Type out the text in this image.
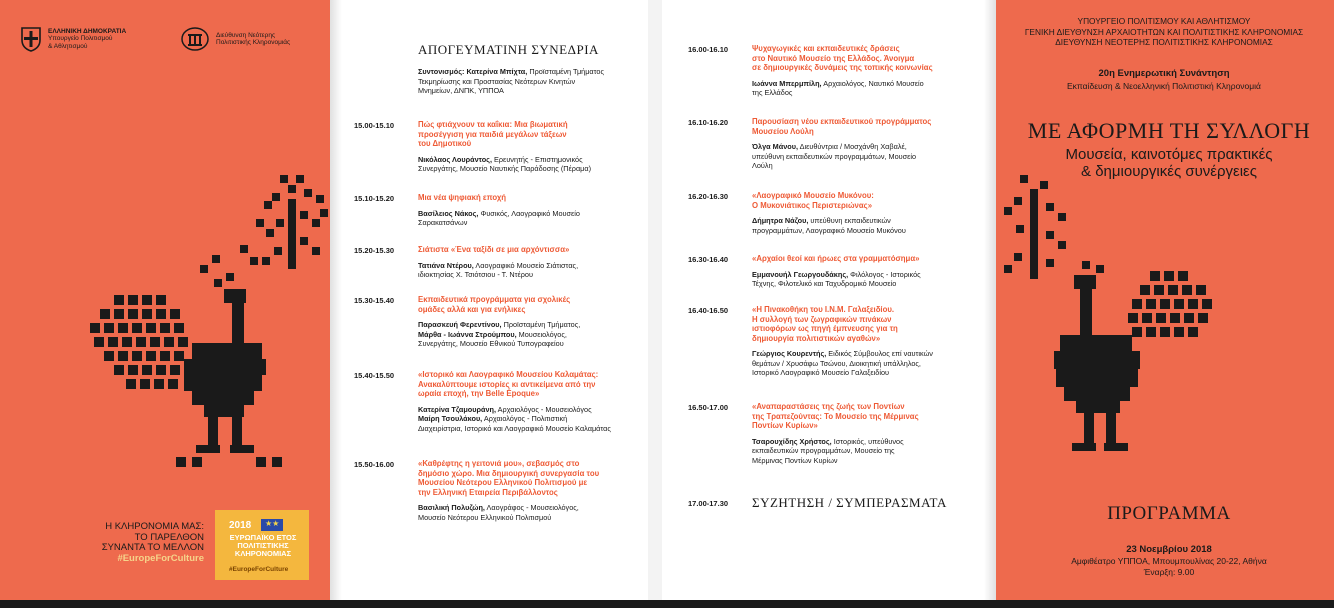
ΕΛΛΗΝΙΚΗ ΔΗΜΟΚΡΑΤΙΑ
Υπουργείο Πολιτισμού
& Αθλητισμού
Διεύθυνση Νεότερης
Πολιτιστικής Κληρονομιάς
Η ΚΛΗΡΟΝΟΜΙΑ ΜΑΣ:
ΤΟ ΠΑΡΕΛΘΟΝ
ΣΥΝΑΝΤΑ ΤΟ ΜΕΛΛΟΝ
#EuropeForCulture
2018 ★★
ΕΥΡΩΠΑΪΚΟ ΕΤΟΣ ΠΟΛΙΤΙΣΤΙΚΗΣ ΚΛΗΡΟΝΟΜΙΑΣ
#EuropeForCulture
ΑΠΟΓΕΥΜΑΤΙΝΗ ΣΥΝΕΔΡΙΑ
Συντονισμός: Κατερίνα Μπίχτα, Προϊσταμένη Τμήματος
Τεκμηρίωσης και Προστασίας Νεότερων Κινητών
Μνημείων, ΔΝΠΚ, ΥΠΠΟΑ
15.00-15.10	Πώς φτιάχνουν τα καΐκια: Μια βιωματική
προσέγγιση για παιδιά μεγάλων τάξεων
του Δημοτικού
Νικόλαος Λουράντος, Ερευνητής - Επιστημονικός
Συνεργάτης, Μουσείο Ναυτικής Παράδοσης (Πέραμα)
15.10-15.20	Μια νέα ψηφιακή εποχή
Βασίλειος Νάκος, Φυσικός, Λαογραφικό Μουσείο
Σαρακατσάνων
15.20-15.30	Σιάτιστα «Ένα ταξίδι σε μια αρχόντισσα»
Τατιάνα Ντέρου, Λαογραφικό Μουσείο Σιάτιστας,
ιδιοκτησίας Χ. Τσιότσιου - Τ. Ντέρου
15.30-15.40	Εκπαιδευτικά προγράμματα για σχολικές
ομάδες αλλά και για ενήλικες
Παρασκευή Φερεντίνου, Προϊσταμένη Τμήματος,
Μάρθα - Ιωάννα Στρούμπου, Μουσειολόγος,
Συνεργάτης, Μουσείο Εθνικού Τυπογραφείου
15.40-15.50	«Ιστορικό και Λαογραφικό Μουσείου Καλαμάτας:
Ανακαλύπτουμε ιστορίες κι αντικείμενα από την
ωραία εποχή, την Belle Époque»
Κατερίνα Τζαμουράνη, Αρχαιολόγος - Μουσειολόγος
Μαίρη Τσουλάκου, Αρχαιολόγος - Πολιτιστική
Διαχειρίστρια, Ιστορικό και Λαογραφικό Μουσείο Καλαμάτας
15.50-16.00	«Καθρέφτης η γειτονιά μου», σεβασμός στο
δημόσιο χώρο. Μια δημιουργική συνεργασία του
Μουσείου Νεότερου Ελληνικού Πολιτισμού με
την Ελληνική Εταιρεία Περιβάλλοντος
Βασιλική Πολυζώη, Λαογράφος - Μουσειολόγος,
Μουσείο Νεότερου Ελληνικού Πολιτισμού
16.00-16.10	Ψυχαγωγικές και εκπαιδευτικές δράσεις
στο Ναυτικό Μουσείο της Ελλάδος. Άνοιγμα
σε δημιουργικές δυνάμεις της τοπικής κοινωνίας
Ιωάννα Μπερμπίλη, Αρχαιολόγος, Ναυτικό Μουσείο
της Ελλάδος
16.10-16.20	Παρουσίαση νέου εκπαιδευτικού προγράμματος
Μουσείου Λούλη
Όλγα Μάνου, Διευθύντρια / Μοσχάνθη Χαβαλέ,
υπεύθυνη εκπαιδευτικών προγραμμάτων, Μουσείο
Λούλη
16.20-16.30	«Λαογραφικό Μουσείο Μυκόνου:
Ο Μυκονιάτικος Περιστεριώνας»
Δήμητρα Νάζου, υπεύθυνη εκπαιδευτικών
προγραμμάτων, Λαογραφικό Μουσείο Μυκόνου
16.30-16.40	«Αρχαίοι θεοί και ήρωες στα γραμματόσημα»
Εμμανουήλ Γεωργουδάκης, Φιλόλογος - Ιστορικός
Τέχνης, Φιλοτελικό και Ταχυδρομικό Μουσείο
16.40-16.50	«Η Πινακοθήκη του Ι.Ν.Μ. Γαλαξειδίου.
Η συλλογή των ζωγραφικών πινάκων
ιστιοφόρων ως πηγή έμπνευσης για τη
δημιουργία πολιτιστικών αγαθών»
Γεώργιος Κουρεντής, Ειδικός Σύμβουλος επί ναυτικών
θεμάτων / Χρυσάφω Τσώνου, Διοικητική υπάλληλος,
Ιστορικό Λαογραφικό Μουσείο Γαλαξειδίου
16.50-17.00	«Αναπαραστάσεις της ζωής των Ποντίων
της Τραπεζούντας: Το Μουσείο της Μέρμινας
Ποντίων Κυρίων»
Τσαρουχίδης Χρήστος, Ιστορικός, υπεύθυνος
εκπαιδευτικών προγραμμάτων, Μουσείο της
Μέρμινας Ποντίων Κυρίων
17.00-17.30 ΣΥΖΗΤΗΣΗ / ΣΥΜΠΕΡΑΣΜΑΤΑ
ΥΠΟΥΡΓΕΙΟ ΠΟΛΙΤΙΣΜΟΥ ΚΑΙ ΑΘΛΗΤΙΣΜΟΥ
ΓΕΝΙΚΗ ΔΙΕΥΘΥΝΣΗ ΑΡΧΑΙΟΤΗΤΩΝ ΚΑΙ ΠΟΛΙΤΙΣΤΙΚΗΣ ΚΛΗΡΟΝΟΜΙΑΣ
ΔΙΕΥΘΥΝΣΗ ΝΕΟΤΕΡΗΣ ΠΟΛΙΤΙΣΤΙΚΗΣ ΚΛΗΡΟΝΟΜΙΑΣ
20η Ενημερωτική Συνάντηση
Εκπαίδευση & Νεοελληνική Πολιτιστική Κληρονομιά
ΜΕ ΑΦΟΡΜΗ ΤΗ ΣΥΛΛΟΓΗ
Μουσεία, καινοτόμες πρακτικές
& δημιουργικές συνέργειες
ΠΡΟΓΡΑΜΜΑ
23 Νοεμβρίου 2018
Αμφιθέατρο ΥΠΠΟΑ, Μπουμπουλίνας 20-22, Αθήνα
Έναρξη: 9.00
